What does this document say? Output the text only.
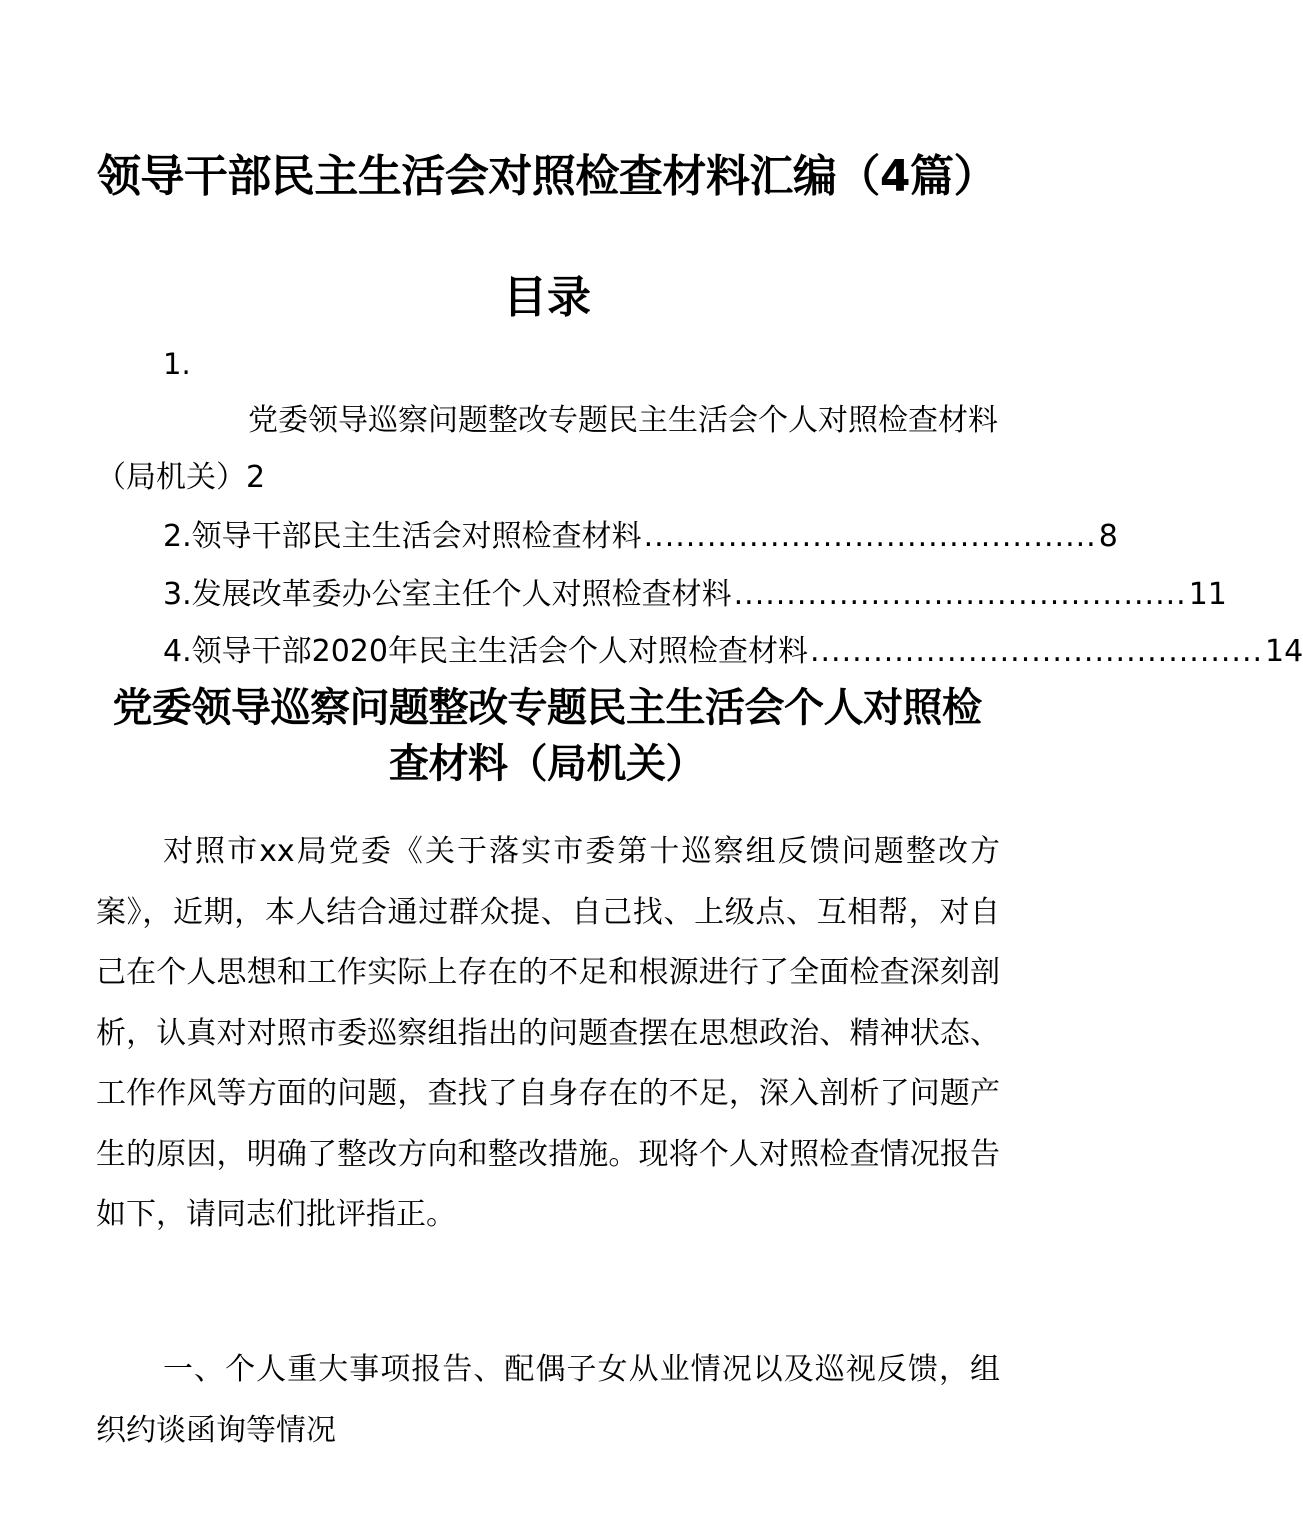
领导干部民主生活会对照检查材料汇编（4篇）
目录
1.
党委领导巡察问题整改专题民主生活会个人对照检查材料
（局机关）2
2.领导干部民主生活会对照检查材料 ........................................... 8
3.发展改革委办公室主任个人对照检查材料 ........................................... 11
4.领导干部2020年民主生活会个人对照检查材料 ........................................... 14
党委领导巡察问题整改专题民主生活会个人对照检查材料（局机关）

对照市xx局党委《关于落实市委第十巡察组反馈问题整改方案》，近期，本人结合通过群众提、自己找、上级点、互相帮，对自己在个人思想和工作实际上存在的不足和根源进行了全面检查深刻剖析，认真对对照市委巡察组指出的问题查摆在思想政治、精神状态、工作作风等方面的问题，查找了自身存在的不足，深入剖析了问题产生的原因，明确了整改方向和整改措施。现将个人对照检查情况报告如下，请同志们批评指正。

一、个人重大事项报告、配偶子女从业情况以及巡视反馈，组织约谈函询等情况
